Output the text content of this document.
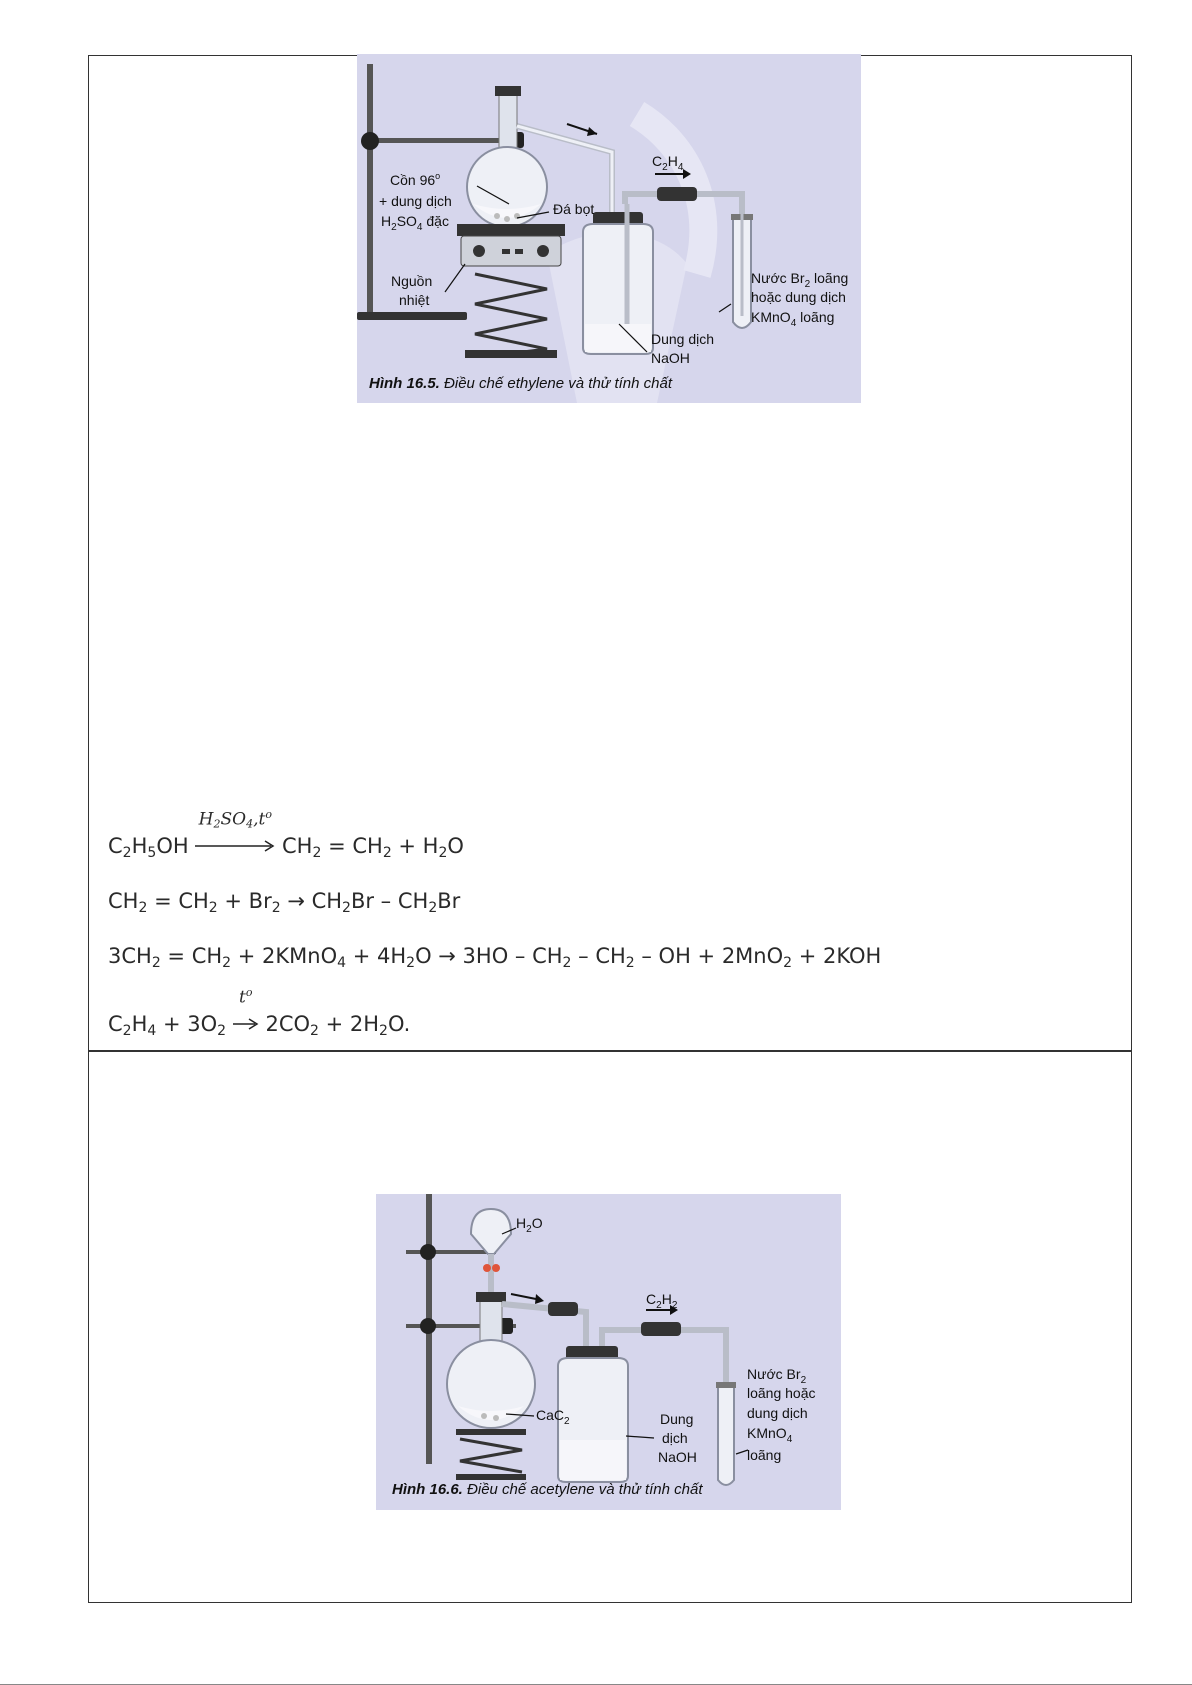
Cồn $96^o$
+ dung dịch
$H_2SO_4$ đặc
Đá bọt
Nguồn
nhiệt
$C_2H_4$
Nước $Br_2$ loãng
hoặc dung dịch
KMnO$_4$ loãng
Dung dịch
NaOH
Hình 16.5. Điều chế ethylene và thử tính chất
$C_2H_5OH$
$H_2SO_4,t^o$
$CH_2 = CH_2 + H_2O$
$CH_2 = CH_2 + Br_2 \to CH_2Br - CH_2Br$
$3CH_2 = CH_2$ + 2KMnO$_4$ + $4H_2O \to 3HO - CH_2 - CH_2$ – OH + 2MnO$_2$ + 2KOH
$C_2H_4 + 3O_2$
$t^o$
$2CO_2 + 2H_2O$.
$H_2O$
$C_2H_2$
CaC$_2$	Dung
dịch
NaOH
Nước $Br_2$
loãng hoặc
dung dịch
KMnO$_4$
loãng
Hình 16.6. Điều chế acetylene và thử tính chất
